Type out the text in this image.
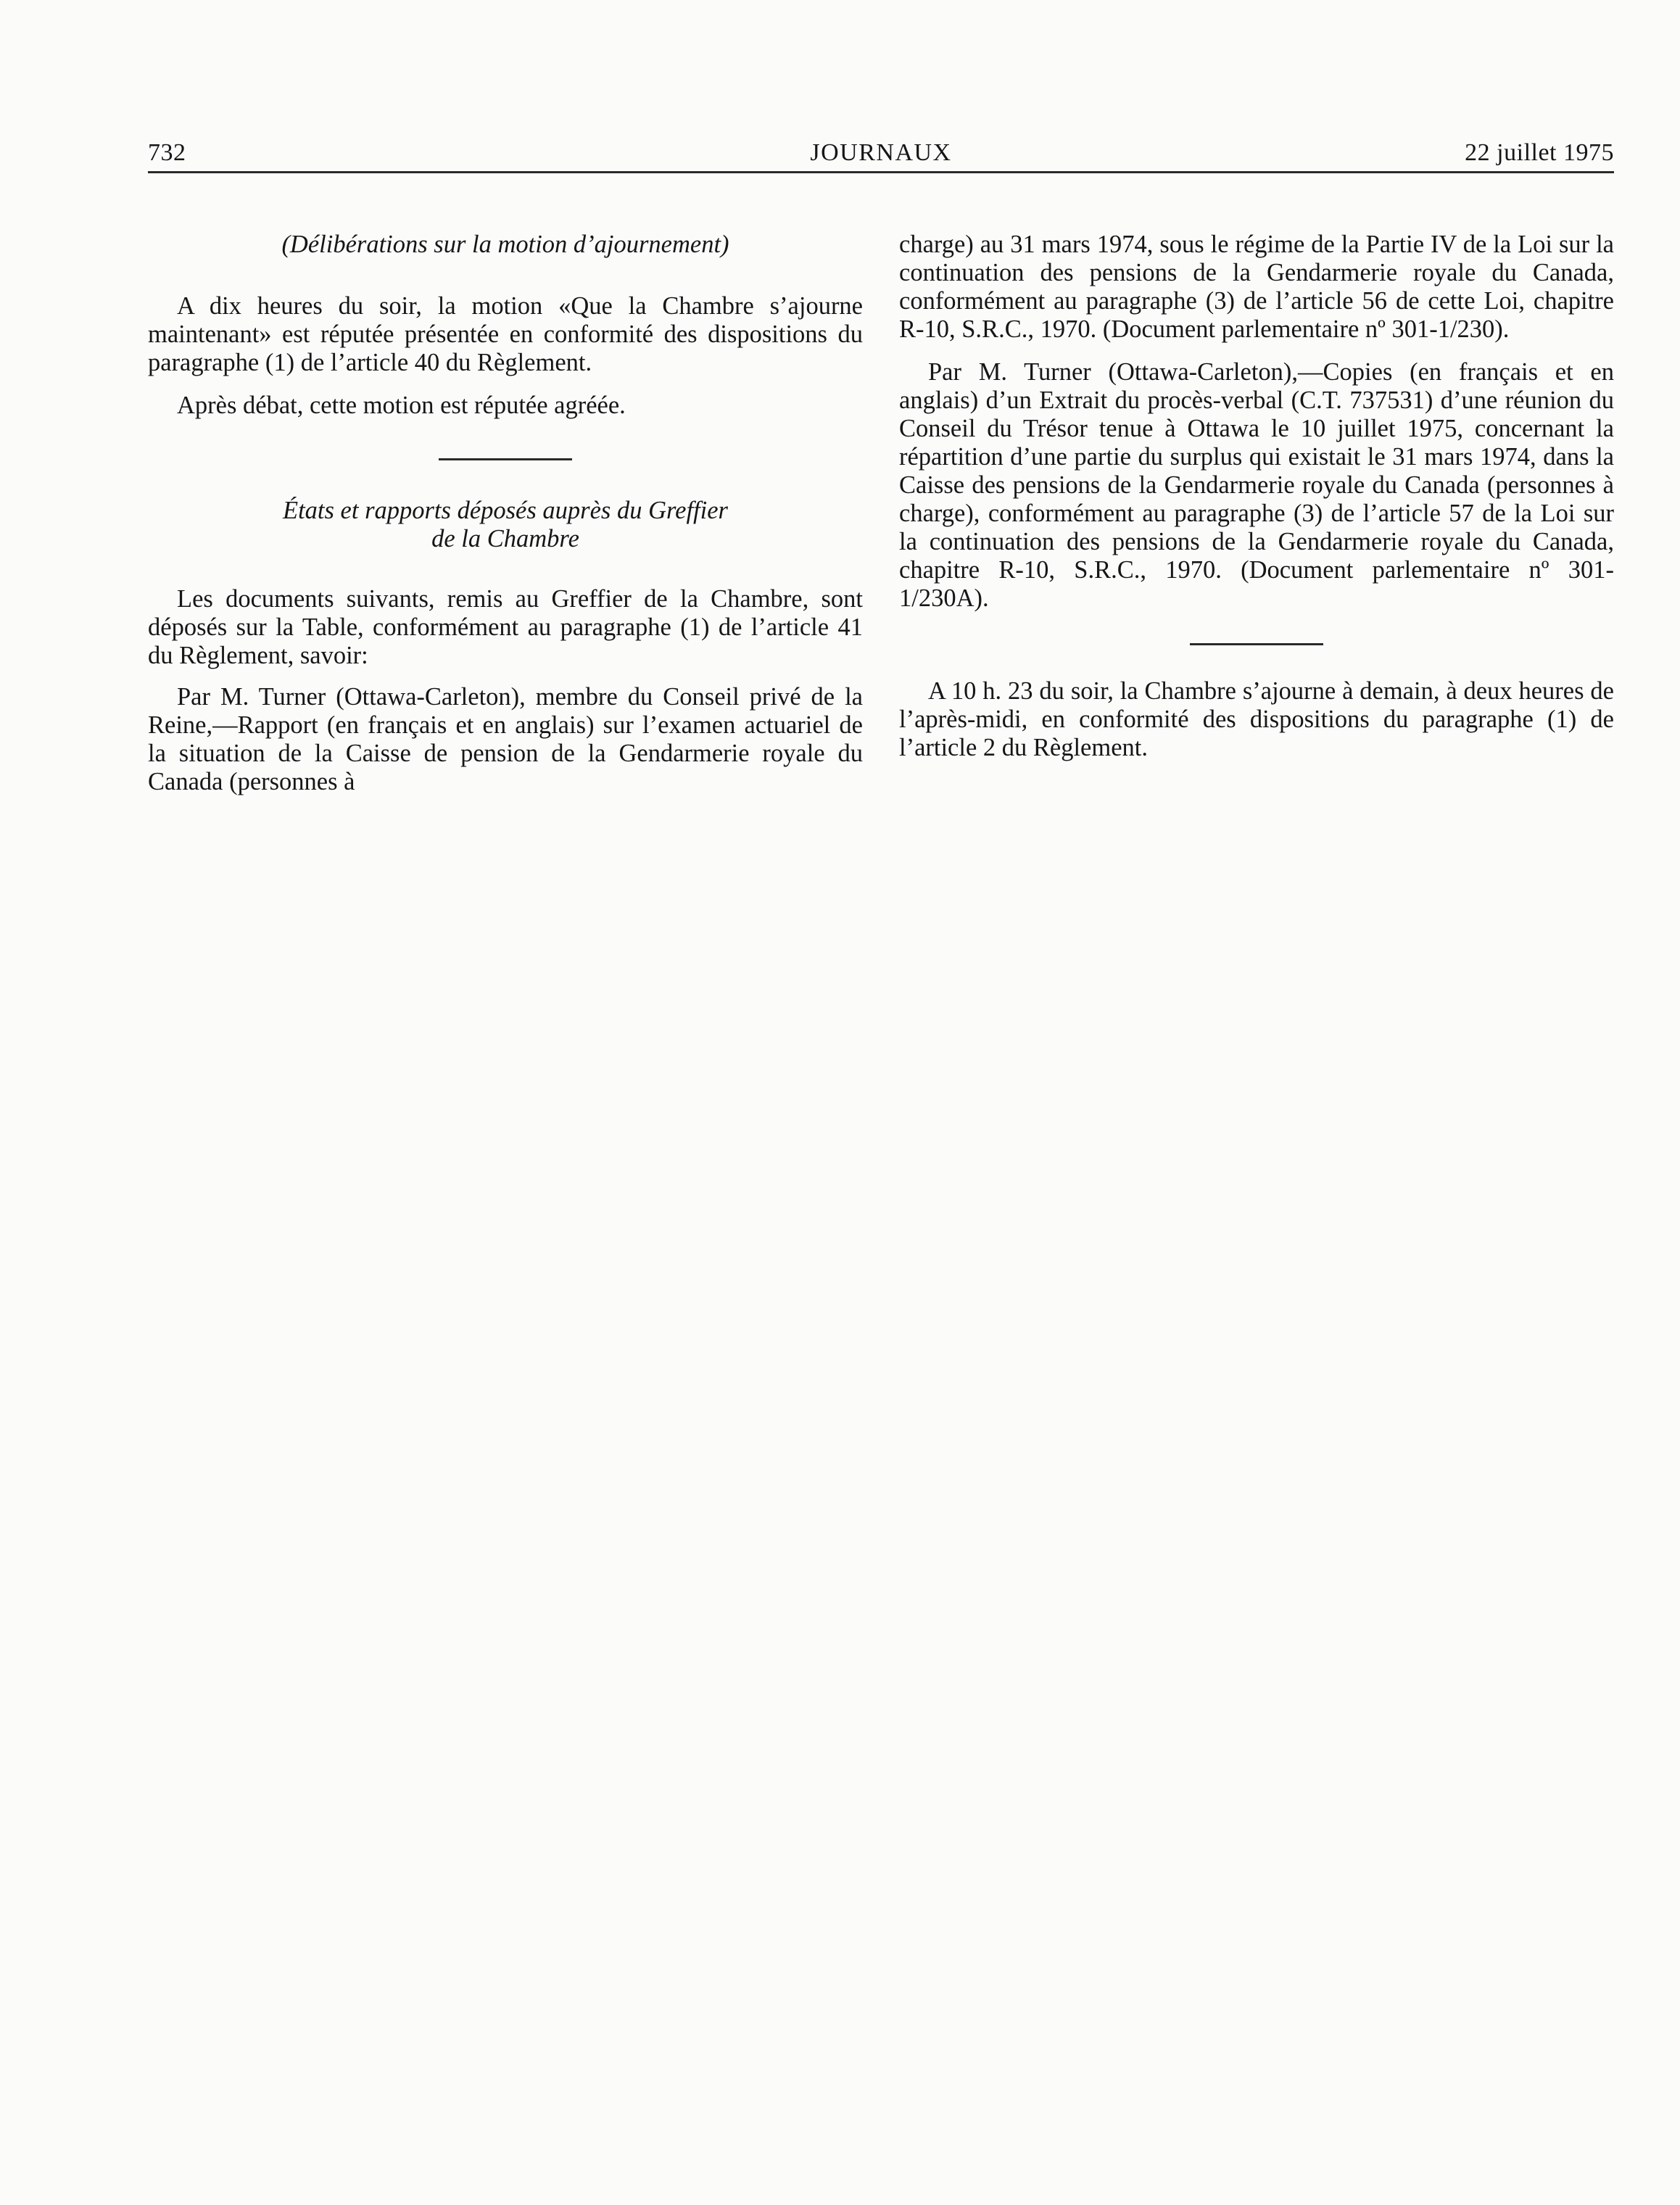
732	JOURNAUX	22 juillet 1975

(Délibérations sur la motion d’ajournement)

A dix heures du soir, la motion «Que la Chambre s’ajourne maintenant» est réputée présentée en conformité des dispositions du paragraphe (1) de l’article 40 du Règlement.

Après débat, cette motion est réputée agréée.

États et rapports déposés auprès du Greffier
de la Chambre

Les documents suivants, remis au Greffier de la Chambre, sont déposés sur la Table, conformément au paragraphe (1) de l’article 41 du Règlement, savoir:

Par M. Turner (Ottawa-Carleton), membre du Conseil privé de la Reine,—Rapport (en français et en anglais) sur l’examen actuariel de la situation de la Caisse de pension de la Gendarmerie royale du Canada (personnes à

charge) au 31 mars 1974, sous le régime de la Partie IV de la Loi sur la continuation des pensions de la Gendarmerie royale du Canada, conformément au paragraphe (3) de l’article 56 de cette Loi, chapitre R-10, S.R.C., 1970. (Document parlementaire nº 301-1/230).

Par M. Turner (Ottawa-Carleton),—Copies (en français et en anglais) d’un Extrait du procès-verbal (C.T. 737531) d’une réunion du Conseil du Trésor tenue à Ottawa le 10 juillet 1975, concernant la répartition d’une partie du surplus qui existait le 31 mars 1974, dans la Caisse des pensions de la Gendarmerie royale du Canada (personnes à charge), conformément au paragraphe (3) de l’article 57 de la Loi sur la continuation des pensions de la Gendarmerie royale du Canada, chapitre R-10, S.R.C., 1970. (Document parlementaire nº 301-1/230A).

A 10 h. 23 du soir, la Chambre s’ajourne à demain, à deux heures de l’après-midi, en conformité des dispositions du paragraphe (1) de l’article 2 du Règlement.
